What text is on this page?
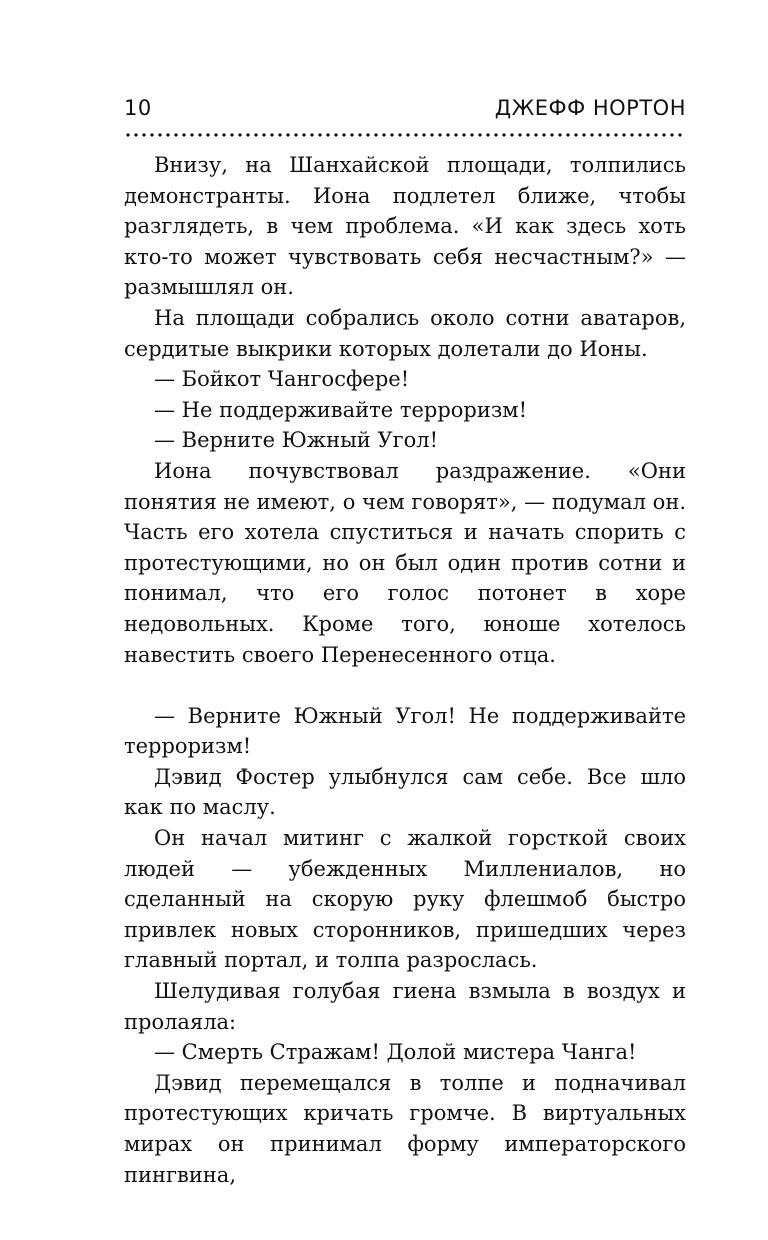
10	ДЖЕФФ НОРТОН

Внизу, на Шанхайской площади, толпились демонстранты. Иона подлетел ближе, чтобы разглядеть, в чем проблема. «И как здесь хоть кто-то может чувствовать себя несчастным?» — размышлял он.

На площади собрались около сотни аватаров, сердитые выкрики которых долетали до Ионы.

— Бойкот Чангосфере!

— Не поддерживайте терроризм!

— Верните Южный Угол!

Иона почувствовал раздражение. «Они понятия не имеют, о чем говорят», — подумал он. Часть его хотела спуститься и начать спорить с протестующими, но он был один против сотни и понимал, что его голос потонет в хоре недовольных. Кроме того, юноше хотелось навестить своего Перенесенного отца.

— Верните Южный Угол! Не поддерживайте терроризм!

Дэвид Фостер улыбнулся сам себе. Все шло как по маслу.

Он начал митинг с жалкой горсткой своих людей — убежденных Миллениалов, но сделанный на скорую руку флешмоб быстро привлек новых сторонников, пришедших через главный портал, и толпа разрослась.

Шелудивая голубая гиена взмыла в воздух и пролаяла:

— Смерть Стражам! Долой мистера Чанга!

Дэвид перемещался в толпе и подначивал протестующих кричать громче. В виртуальных мирах он принимал форму императорского пингвина,
